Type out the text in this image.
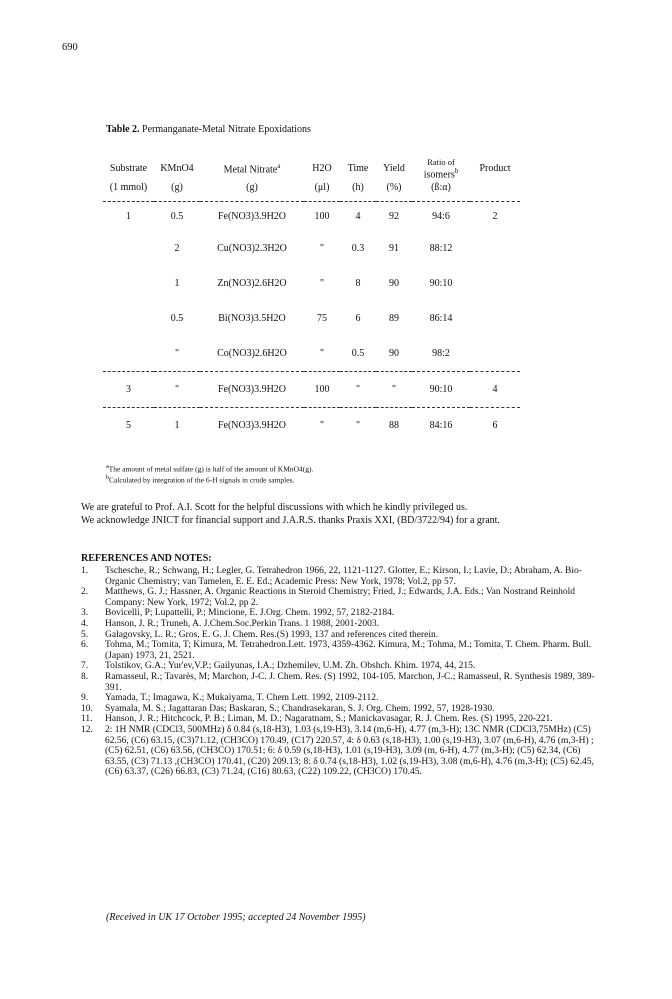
690
Table 2. Permanganate-Metal Nitrate Epoxidations
Substrate	KMnO4	Metal Nitrate$^a$	H2O	Time	Yield	Ratio of
isomers$^b$	Product
(1 mmol)	(g)	(g)	(μl)	(h)	(%)	(ß:α)	

1	0.5	Fe(NO3)3.9H2O	100	4	92	94:6	2
	2	Cu(NO3)2.3H2O	"	0.3	91	88:12	
	1	Zn(NO3)2.6H2O	"	8	90	90:10	
	0.5	Bi(NO3)3.5H2O	75	6	89	86:14	
	"	Co(NO3)2.6H2O	"	0.5	90	98:2	

3	"	Fe(NO3)3.9H2O	100	"	"	90:10	4

5	1	Fe(NO3)3.9H2O	"	"	88	84:16	6
$^a$The amount of metal sulfate (g) is half of the amount of KMnO4(g).
$^b$Calculated by integration of the 6-H signals in crude samples.
We are grateful to Prof. A.I. Scott for the helpful discussions with which he kindly privileged us.
We acknowledge JNICT for financial support and J.A.R.S. thanks Praxis XXI, (BD/3722/94) for a grant.
REFERENCES AND NOTES:
1.	Tschesche, R.; Schwang, H.; Legler, G. Tetrahedron 1966, 22, 1121-1127. Glotter, E.; Kirson, I.; Lavie, D.; Abraham, A. Bio-Organic Chemistry; van Tamelen, E. E. Ed.; Academic Press: New York, 1978; Vol.2, pp 57.
2.	Matthews, G. J.; Hassner, A. Organic Reactions in Steroid Chemistry; Fried, J.; Edwards, J.A. Eds.; Van Nostrand Reinhold Company: New York, 1972; Vol.2, pp 2.
3.	Bovicelli, P; Lupattelli, P.; Mincione, E. J.Org. Chem. 1992, 57, 2182-2184.
4.	Hanson, J. R.; Truneh, A. J.Chem.Soc.Perkin Trans. 1 1988, 2001-2003.
5.	Galagovsky, L. R.; Gros, E. G. J. Chem. Res.(S) 1993, 137 and references cited therein.
6.	Tohma, M.; Tomita, T; Kimura, M. Tetrahedron.Lett. 1973, 4359-4362. Kimura, M.; Tohma, M.; Tomita, T. Chem. Pharm. Bull. (Japan) 1973, 21, 2521.
7.	Tolstikov, G.A.; Yur'ev,V.P.; Gailyunas, I.A.; Dzhemilev, U.M. Zh. Obshch. Khim. 1974, 44, 215.
8.	Ramasseul, R.; Tavarès, M; Marchon, J-C. J. Chem. Res. (S) 1992, 104-105. Marchon, J-C.; Ramasseul, R. Synthesis 1989, 389-391.
9.	Yamada, T.; Imagawa, K.; Mukaiyama, T. Chem Lett. 1992, 2109-2112.
10.	Syamala, M. S.; Jagattaran Das; Baskaran, S.; Chandrasekaran, S. J. Org. Chem. 1992, 57, 1928-1930.
11.	Hanson, J. R.; Hitchcock, P. B.; Liman, M. D.; Nagaratnam, S.; Manickavasagar, R. J. Chem. Res. (S) 1995, 220-221.
12.	2: 1H NMR (CDCl3, 500MHz) δ 0.84 (s,18-H3), 1.03 (s,19-H3), 3.14 (m,6-H), 4.77 (m,3-H); 13C NMR (CDCl3,75MHz) (C5) 62.56, (C6) 63.15, (C3)71.12, (CH3CO) 170.49, (C17) 220.57, 4: δ 0.63 (s,18-H3), 1.00 (s,19-H3), 3.07 (m,6-H), 4.76 (m,3-H) ; (C5) 62.51, (C6) 63.56, (CH3CO) 170.51; 6: δ 0.59 (s,18-H3), 1.01 (s,19-H3), 3.09 (m, 6-H), 4.77 (m,3-H); (C5) 62.34, (C6) 63.55, (C3) 71.13 ,(CH3CO) 170.41, (C20) 209.13; 8: δ 0.74 (s,18-H3), 1.02 (s,19-H3), 3.08 (m,6-H), 4.76 (m,3-H); (C5) 62.45, (C6) 63.37, (C26) 66.83, (C3) 71.24, (C16) 80.63, (C22) 109.22, (CH3CO) 170.45.
(Received in UK 17 October 1995; accepted 24 November 1995)
